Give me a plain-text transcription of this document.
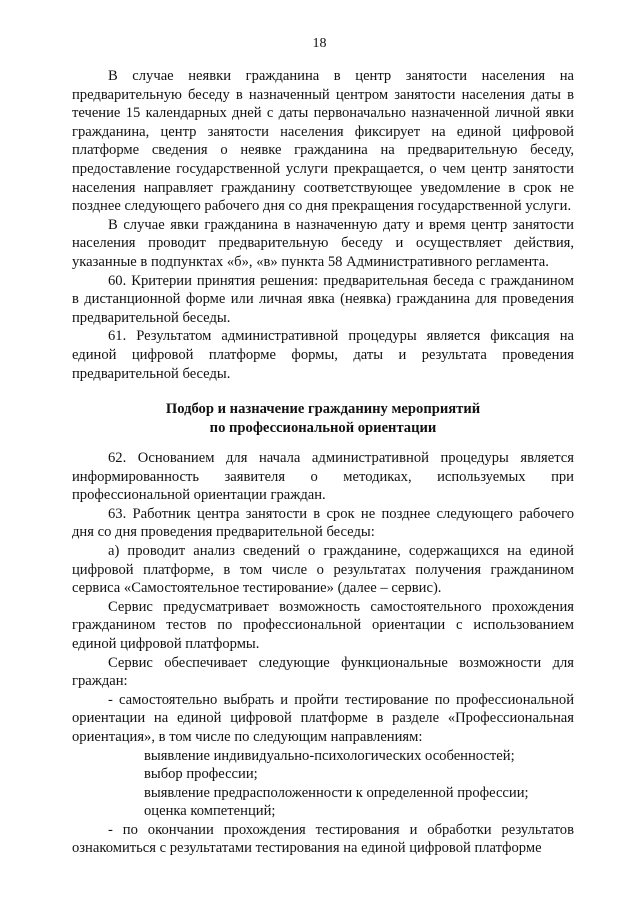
18

В случае неявки гражданина в центр занятости населения на предварительную беседу в назначенный центром занятости населения даты в течение 15 календарных дней с даты первоначально назначенной личной явки гражданина, центр занятости населения фиксирует на единой цифровой платформе сведения о неявке гражданина на предварительную беседу, предоставление государственной услуги прекращается, о чем центр занятости населения направляет гражданину соответствующее уведомление в срок не позднее следующего рабочего дня со дня прекращения государственной услуги.

В случае явки гражданина в назначенную дату и время центр занятости населения проводит предварительную беседу и осуществляет действия, указанные в подпунктах «б», «в» пункта 58 Административного регламента.

60. Критерии принятия решения: предварительная беседа с гражданином в дистанционной форме или личная явка (неявка) гражданина для проведения предварительной беседы.

61. Результатом административной процедуры является фиксация на единой цифровой платформе формы, даты и результата проведения предварительной беседы.

Подбор и назначение гражданину мероприятий
по профессиональной ориентации

62. Основанием для начала административной процедуры является информированность заявителя о методиках, используемых при профессиональной ориентации граждан.

63. Работник центра занятости в срок не позднее следующего рабочего дня со дня проведения предварительной беседы:

а) проводит анализ сведений о гражданине, содержащихся на единой цифровой платформе, в том числе о результатах получения гражданином сервиса «Самостоятельное тестирование» (далее – сервис).

Сервис предусматривает возможность самостоятельного прохождения гражданином тестов по профессиональной ориентации с использованием единой цифровой платформы.

Сервис обеспечивает следующие функциональные возможности для граждан:

- самостоятельно выбрать и пройти тестирование по профессиональной ориентации на единой цифровой платформе в разделе «Профессиональная ориентация», в том числе по следующим направлениям:

выявление индивидуально-психологических особенностей;

выбор профессии;

выявление предрасположенности к определенной профессии;

оценка компетенций;

- по окончании прохождения тестирования и обработки результатов ознакомиться с результатами тестирования на единой цифровой платформе
